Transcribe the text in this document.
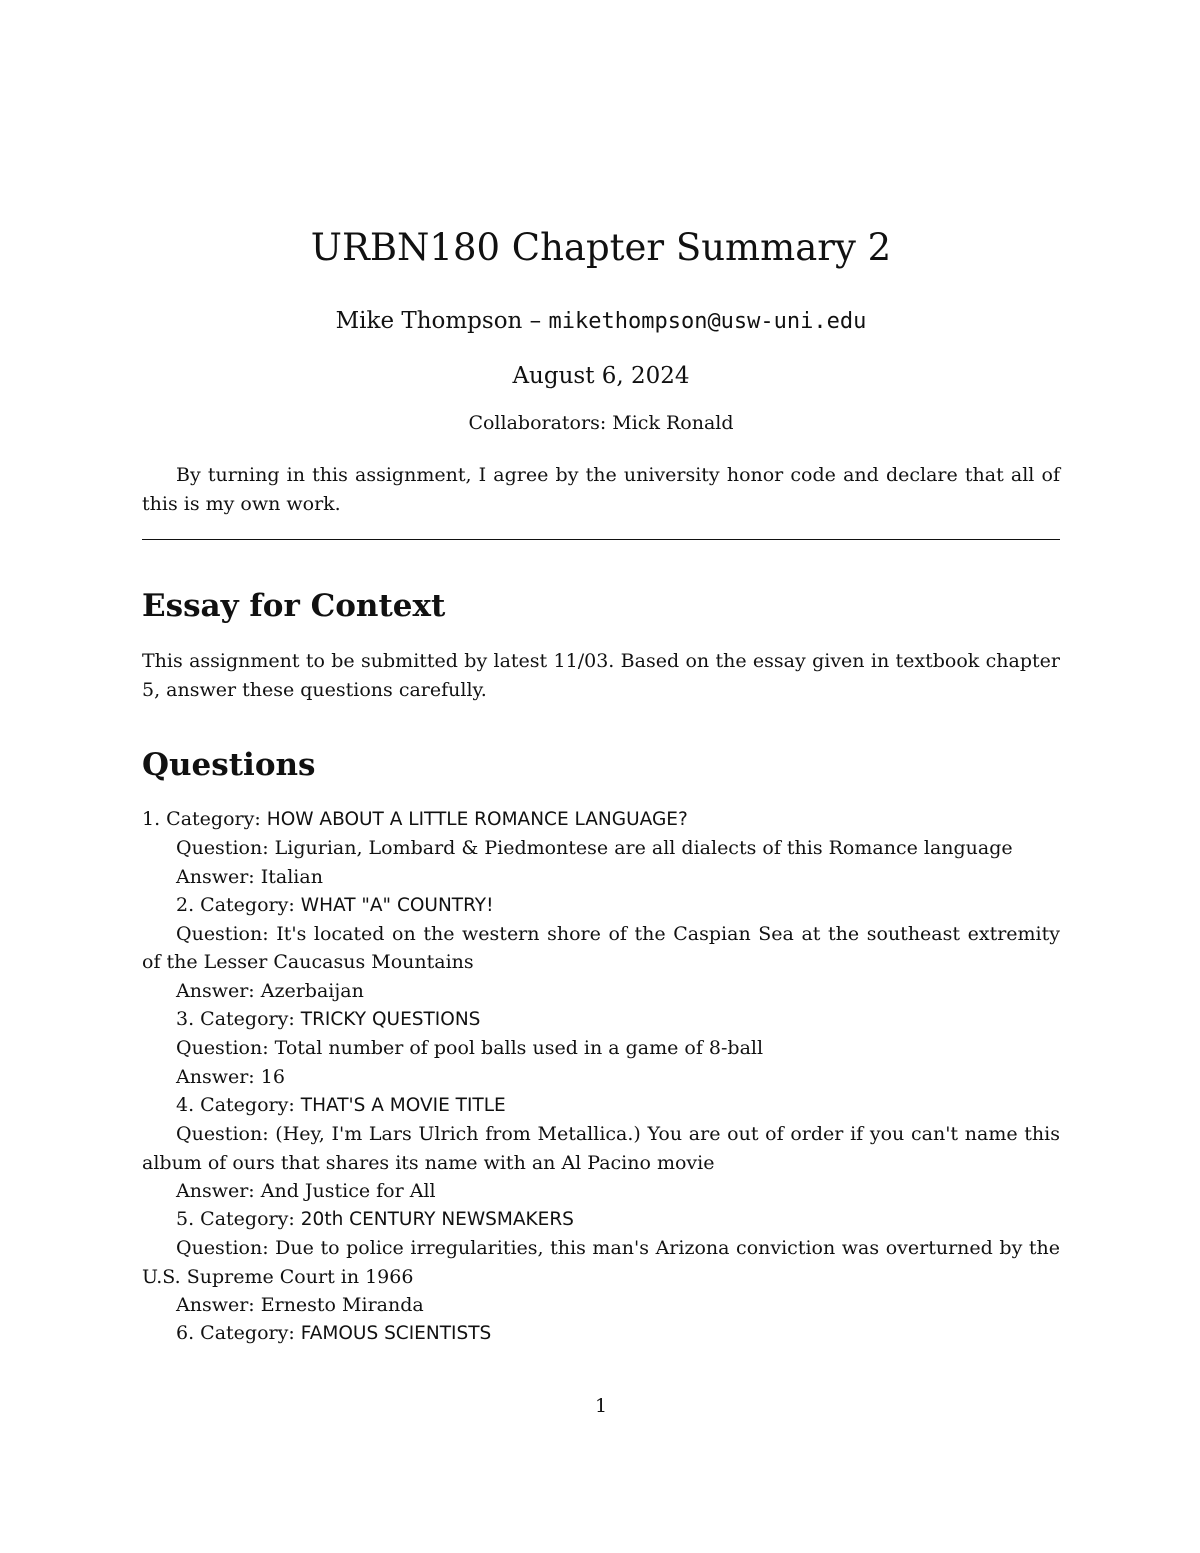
URBN180 Chapter Summary 2
Mike Thompson – mikethompson@usw-uni.edu
August 6, 2024
Collaborators: Mick Ronald
By turning in this assignment, I agree by the university honor code and declare that all of this is my own work.
Essay for Context
This assignment to be submitted by latest 11/03. Based on the essay given in textbook chapter 5, answer these questions carefully.
Questions

1. Category: HOW ABOUT A LITTLE ROMANCE LANGUAGE?

Question: Ligurian, Lombard & Piedmontese are all dialects of this Romance language

Answer: Italian

2. Category: WHAT "A" COUNTRY!

Question: It's located on the western shore of the Caspian Sea at the southeast extremity of the Lesser Caucasus Mountains

Answer: Azerbaijan

3. Category: TRICKY QUESTIONS

Question: Total number of pool balls used in a game of 8-ball

Answer: 16

4. Category: THAT'S A MOVIE TITLE

Question: (Hey, I'm Lars Ulrich from Metallica.) You are out of order if you can't name this album of ours that shares its name with an Al Pacino movie

Answer: And Justice for All

5. Category: 20th CENTURY NEWSMAKERS

Question: Due to police irregularities, this man's Arizona conviction was overturned by the U.S. Supreme Court in 1966

Answer: Ernesto Miranda

6. Category: FAMOUS SCIENTISTS

1
